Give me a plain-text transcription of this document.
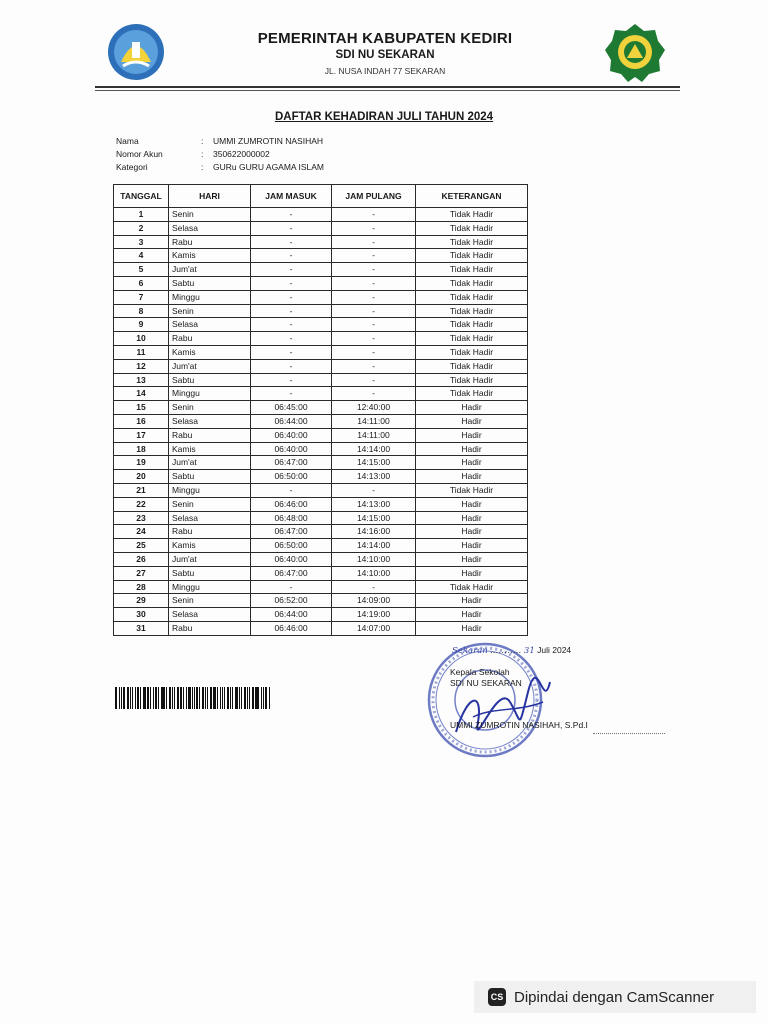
PEMERINTAH KABUPATEN KEDIRI
SDI NU SEKARAN
JL. NUSA INDAH 77 SEKARAN
DAFTAR KEHADIRAN JULI TAHUN 2024
Nama	:	UMMI ZUMROTIN NASIHAH
Nomor Akun	:	350622000002
Kategori	:	GURu GURU AGAMA ISLAM
TANGGAL	HARI	JAM MASUK	JAM PULANG	KETERANGAN
1	Senin	-	-	Tidak Hadir
2	Selasa	-	-	Tidak Hadir
3	Rabu	-	-	Tidak Hadir
4	Kamis	-	-	Tidak Hadir
5	Jum'at	-	-	Tidak Hadir
6	Sabtu	-	-	Tidak Hadir
7	Minggu	-	-	Tidak Hadir
8	Senin	-	-	Tidak Hadir
9	Selasa	-	-	Tidak Hadir
10	Rabu	-	-	Tidak Hadir
11	Kamis	-	-	Tidak Hadir
12	Jum'at	-	-	Tidak Hadir
13	Sabtu	-	-	Tidak Hadir
14	Minggu	-	-	Tidak Hadir
15	Senin	06:45:00	12:40:00	Hadir
16	Selasa	06:44:00	14:11:00	Hadir
17	Rabu	06:40:00	14:11:00	Hadir
18	Kamis	06:40:00	14:14:00	Hadir
19	Jum'at	06:47:00	14:15:00	Hadir
20	Sabtu	06:50:00	14:13:00	Hadir
21	Minggu	-	-	Tidak Hadir
22	Senin	06:46:00	14:13:00	Hadir
23	Selasa	06:48:00	14:15:00	Hadir
24	Rabu	06:47:00	14:16:00	Hadir
25	Kamis	06:50:00	14:14:00	Hadir
26	Jum'at	06:40:00	14:10:00	Hadir
27	Sabtu	06:47:00	14:10:00	Hadir
28	Minggu	-	-	Tidak Hadir
29	Senin	06:52:00	14:09:00	Hadir
30	Selasa	06:44:00	14:19:00	Hadir
31	Rabu	06:46:00	14:07:00	Hadir
Sekaran ........... 31 Juli 2024
Kepala Sekolah
SDI NU SEKARAN
UMMI ZUMROTIN NASIHAH, S.Pd.I
CS Dipindai dengan CamScanner
